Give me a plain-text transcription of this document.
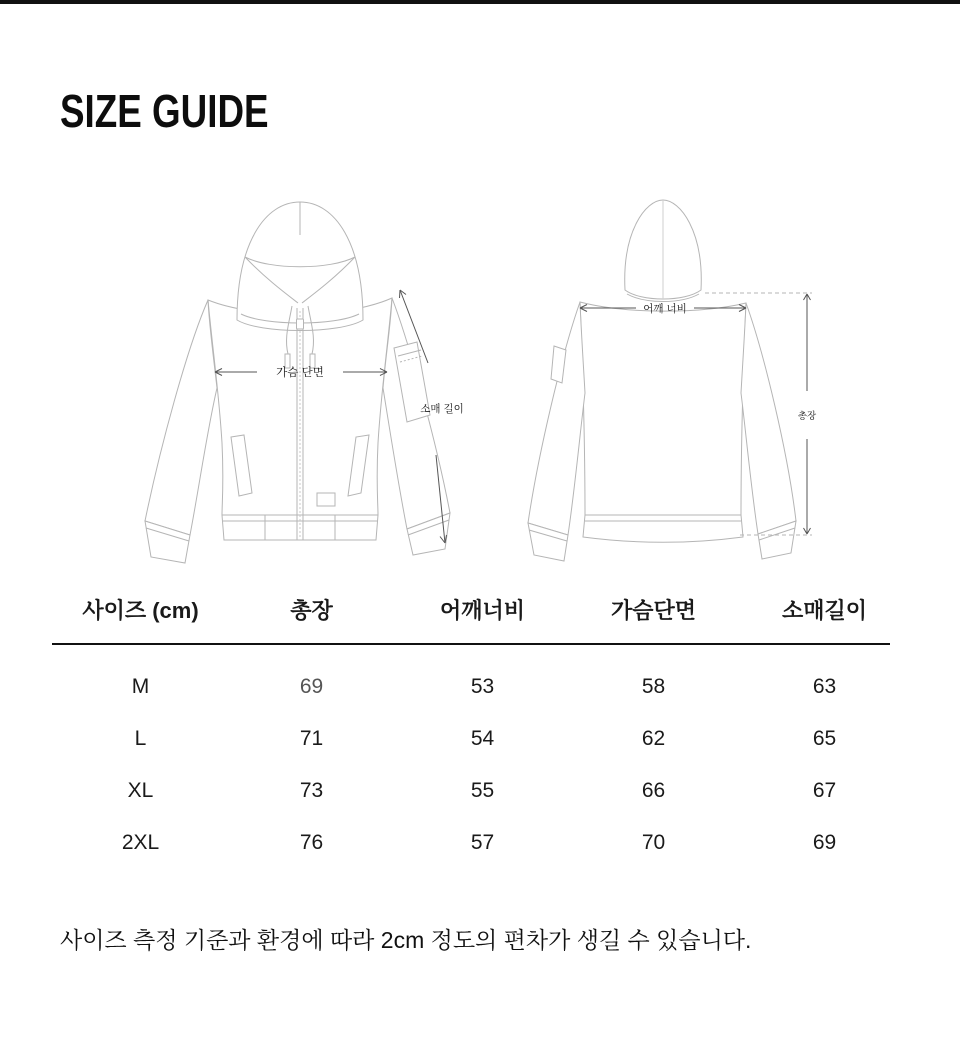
SIZE GUIDE
가슴 단면
소매 길이
어깨 너비
총장
사이즈 (cm)	총장	어깨너비	가슴단면	소매길이
M	69	53	58	63
L	71	54	62	65
XL	73	55	66	67
2XL	76	57	70	69

사이즈 측정 기준과 환경에 따라 2cm 정도의 편차가 생길 수 있습니다.
